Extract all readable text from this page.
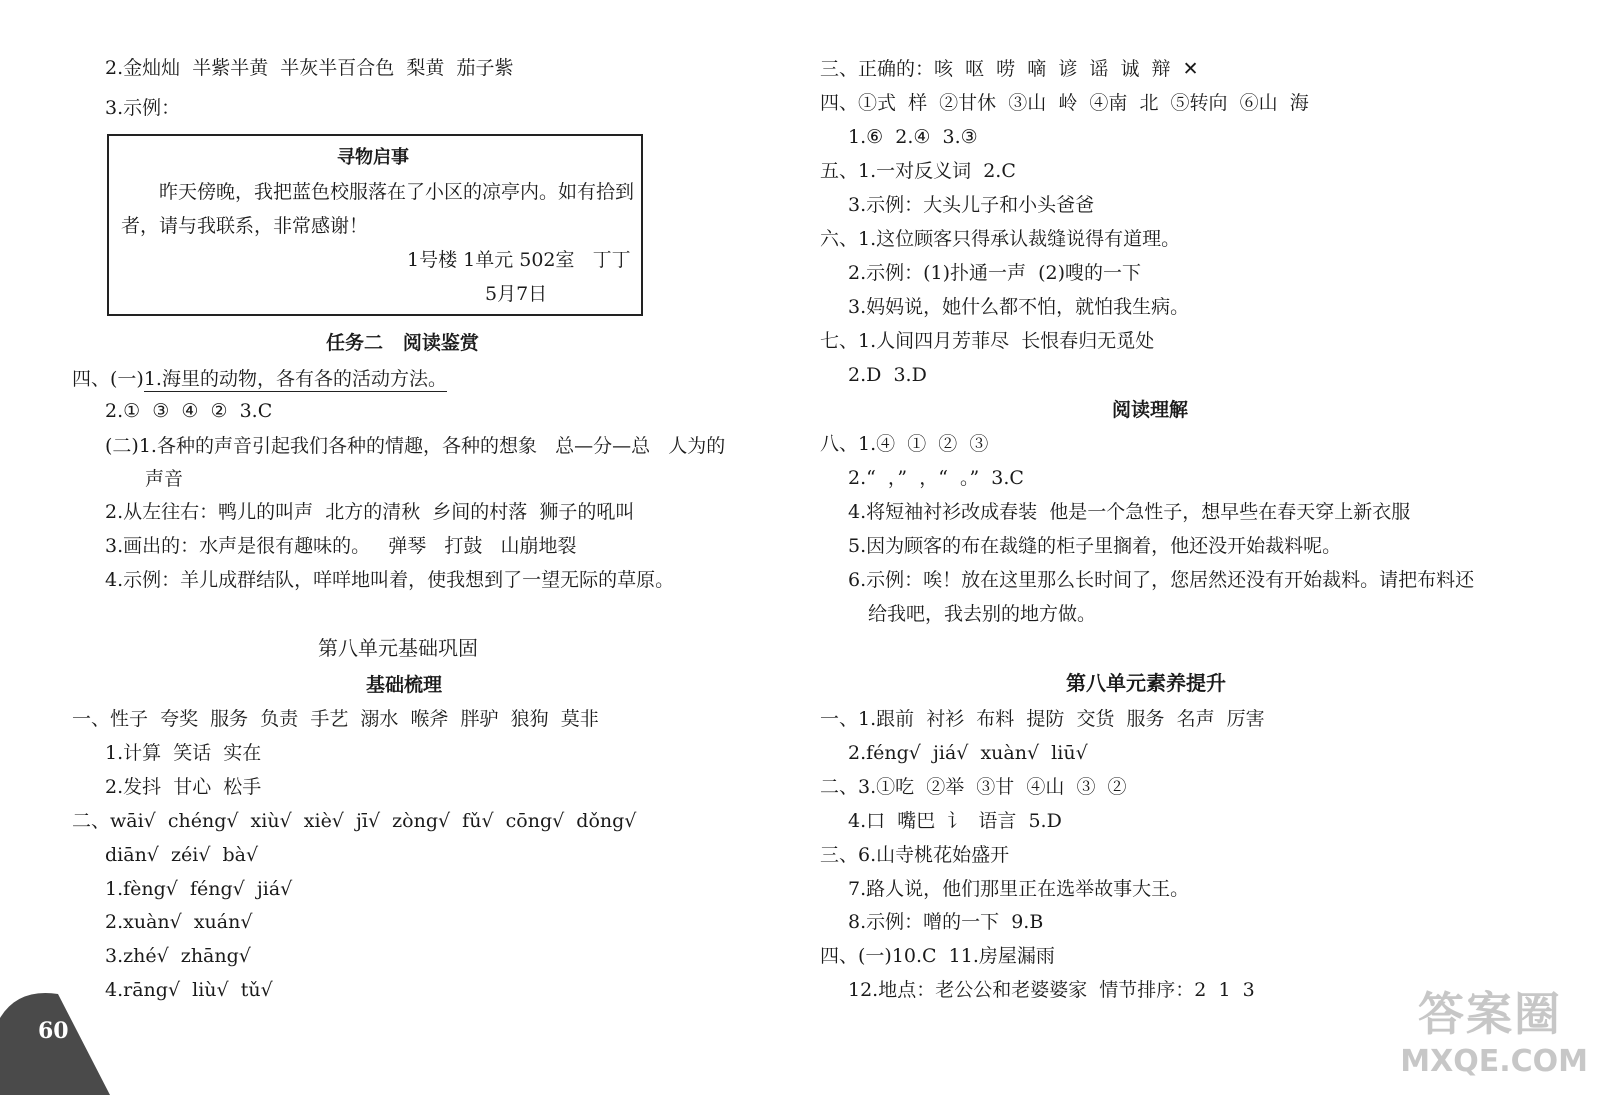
2.金灿灿  半紫半黄  半灰半百合色  梨黄  茄子紫
3.示例：
寻物启事
昨天傍晚，我把蓝色校服落在了小区的凉亭内。如有拾到
者，请与我联系，非常感谢！
1号楼 1单元 502室   丁丁
5月7日
任务二   阅读鉴赏
四、(一)1.海里的动物，各有各的活动方法。
2.①  ③  ④  ②  3.C
(二)1.各种的声音引起我们各种的情趣，各种的想象   总—分—总   人为的
声音
2.从左往右：鸭儿的叫声  北方的清秋  乡间的村落  狮子的吼叫
3.画出的：水声是很有趣味的。   弹琴   打鼓   山崩地裂
4.示例：羊儿成群结队，咩咩地叫着，使我想到了一望无际的草原。
第八单元基础巩固
基础梳理
一、性子  夸奖  服务  负责  手艺  溺水  喉斧  胖驴  狼狗  莫非
1.计算  笑话  实在
2.发抖  甘心  松手
二、wāi√  chéng√  xiù√  xiè√  jī√  zòng√  fǔ√  cōng√  dǒng√
diān√  zéi√  bà√
1.fèng√  féng√  jiá√
2.xuàn√  xuán√
3.zhé√  zhāng√
4.rāng√  liù√  tǔ√
三、正确的：咳  呕  唠  嘀  谚  谣  诚  辩  ✕
四、①式  样  ②甘休  ③山  岭  ④南  北  ⑤转向  ⑥山  海
1.⑥  2.④  3.③
五、1.一对反义词  2.C
3.示例：大头儿子和小头爸爸
六、1.这位顾客只得承认裁缝说得有道理。
2.示例：(1)扑通一声  (2)嗖的一下
3.妈妈说，她什么都不怕，就怕我生病。
七、1.人间四月芳菲尽  长恨春归无觅处
2.D  3.D
阅读理解
八、1.④  ①  ②  ③
2.“  ，”  ，“  。”  3.C
4.将短袖衬衫改成春装  他是一个急性子，想早些在春天穿上新衣服
5.因为顾客的布在裁缝的柜子里搁着，他还没开始裁料呢。
6.示例：唉！放在这里那么长时间了，您居然还没有开始裁料。请把布料还
给我吧，我去别的地方做。
第八单元素养提升
一、1.跟前  衬衫  布料  提防  交货  服务  名声  厉害
2.féng√  jiá√  xuàn√  liū√
二、3.①吃  ②举  ③甘  ④山  ③  ②
4.口  嘴巴  讠  语言  5.D
三、6.山寺桃花始盛开
7.路人说，他们那里正在选举故事大王。
8.示例：噌的一下  9.B
四、(一)10.C  11.房屋漏雨
12.地点：老公公和老婆婆家  情节排序：2  1  3
60	答案圈
MXQE.COM
